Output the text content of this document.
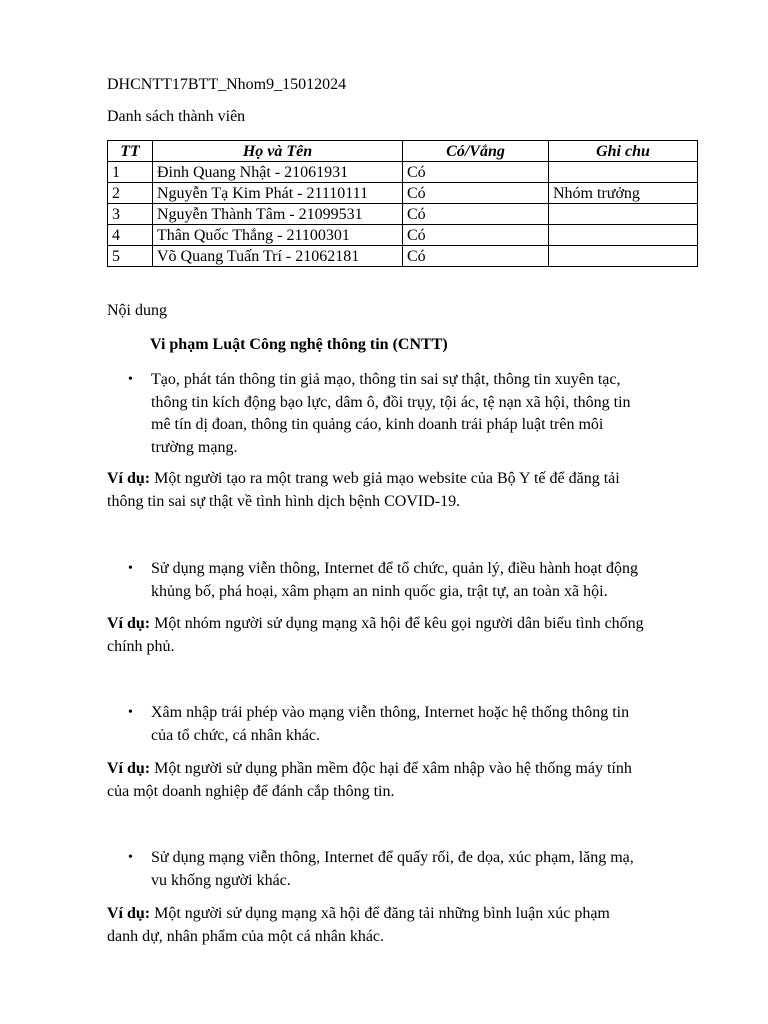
DHCNTT17BTT_Nhom9_15012024
Danh sách thành viên
TT	Họ và Tên	Có/Vắng	Ghi chu
1	Đinh Quang Nhật - 21061931	Có	
2	Nguyễn Tạ Kim Phát - 21110111	Có	Nhóm trưởng
3	Nguyễn Thành Tâm - 21099531	Có	
4	Thân Quốc Thắng - 21100301	Có	
5	Võ Quang Tuấn Trí - 21062181	Có	
Nội dung
Vi phạm Luật Công nghệ thông tin (CNTT)
•	Tạo, phát tán thông tin giả mạo, thông tin sai sự thật, thông tin xuyên tạc,
thông tin kích động bạo lực, dâm ô, đồi trụy, tội ác, tệ nạn xã hội, thông tin
mê tín dị đoan, thông tin quảng cáo, kinh doanh trái pháp luật trên môi
trường mạng.
Ví dụ: Một người tạo ra một trang web giả mạo website của Bộ Y tế để đăng tải
thông tin sai sự thật về tình hình dịch bệnh COVID-19.
•	Sử dụng mạng viễn thông, Internet để tổ chức, quản lý, điều hành hoạt động
khủng bố, phá hoại, xâm phạm an ninh quốc gia, trật tự, an toàn xã hội.
Ví dụ: Một nhóm người sử dụng mạng xã hội để kêu gọi người dân biểu tình chống
chính phủ.
•	Xâm nhập trái phép vào mạng viễn thông, Internet hoặc hệ thống thông tin
của tổ chức, cá nhân khác.
Ví dụ: Một người sử dụng phần mềm độc hại để xâm nhập vào hệ thống máy tính
của một doanh nghiệp để đánh cắp thông tin.
•	Sử dụng mạng viễn thông, Internet để quấy rối, đe dọa, xúc phạm, lăng mạ,
vu khống người khác.
Ví dụ: Một người sử dụng mạng xã hội để đăng tải những bình luận xúc phạm
danh dự, nhân phẩm của một cá nhân khác.
